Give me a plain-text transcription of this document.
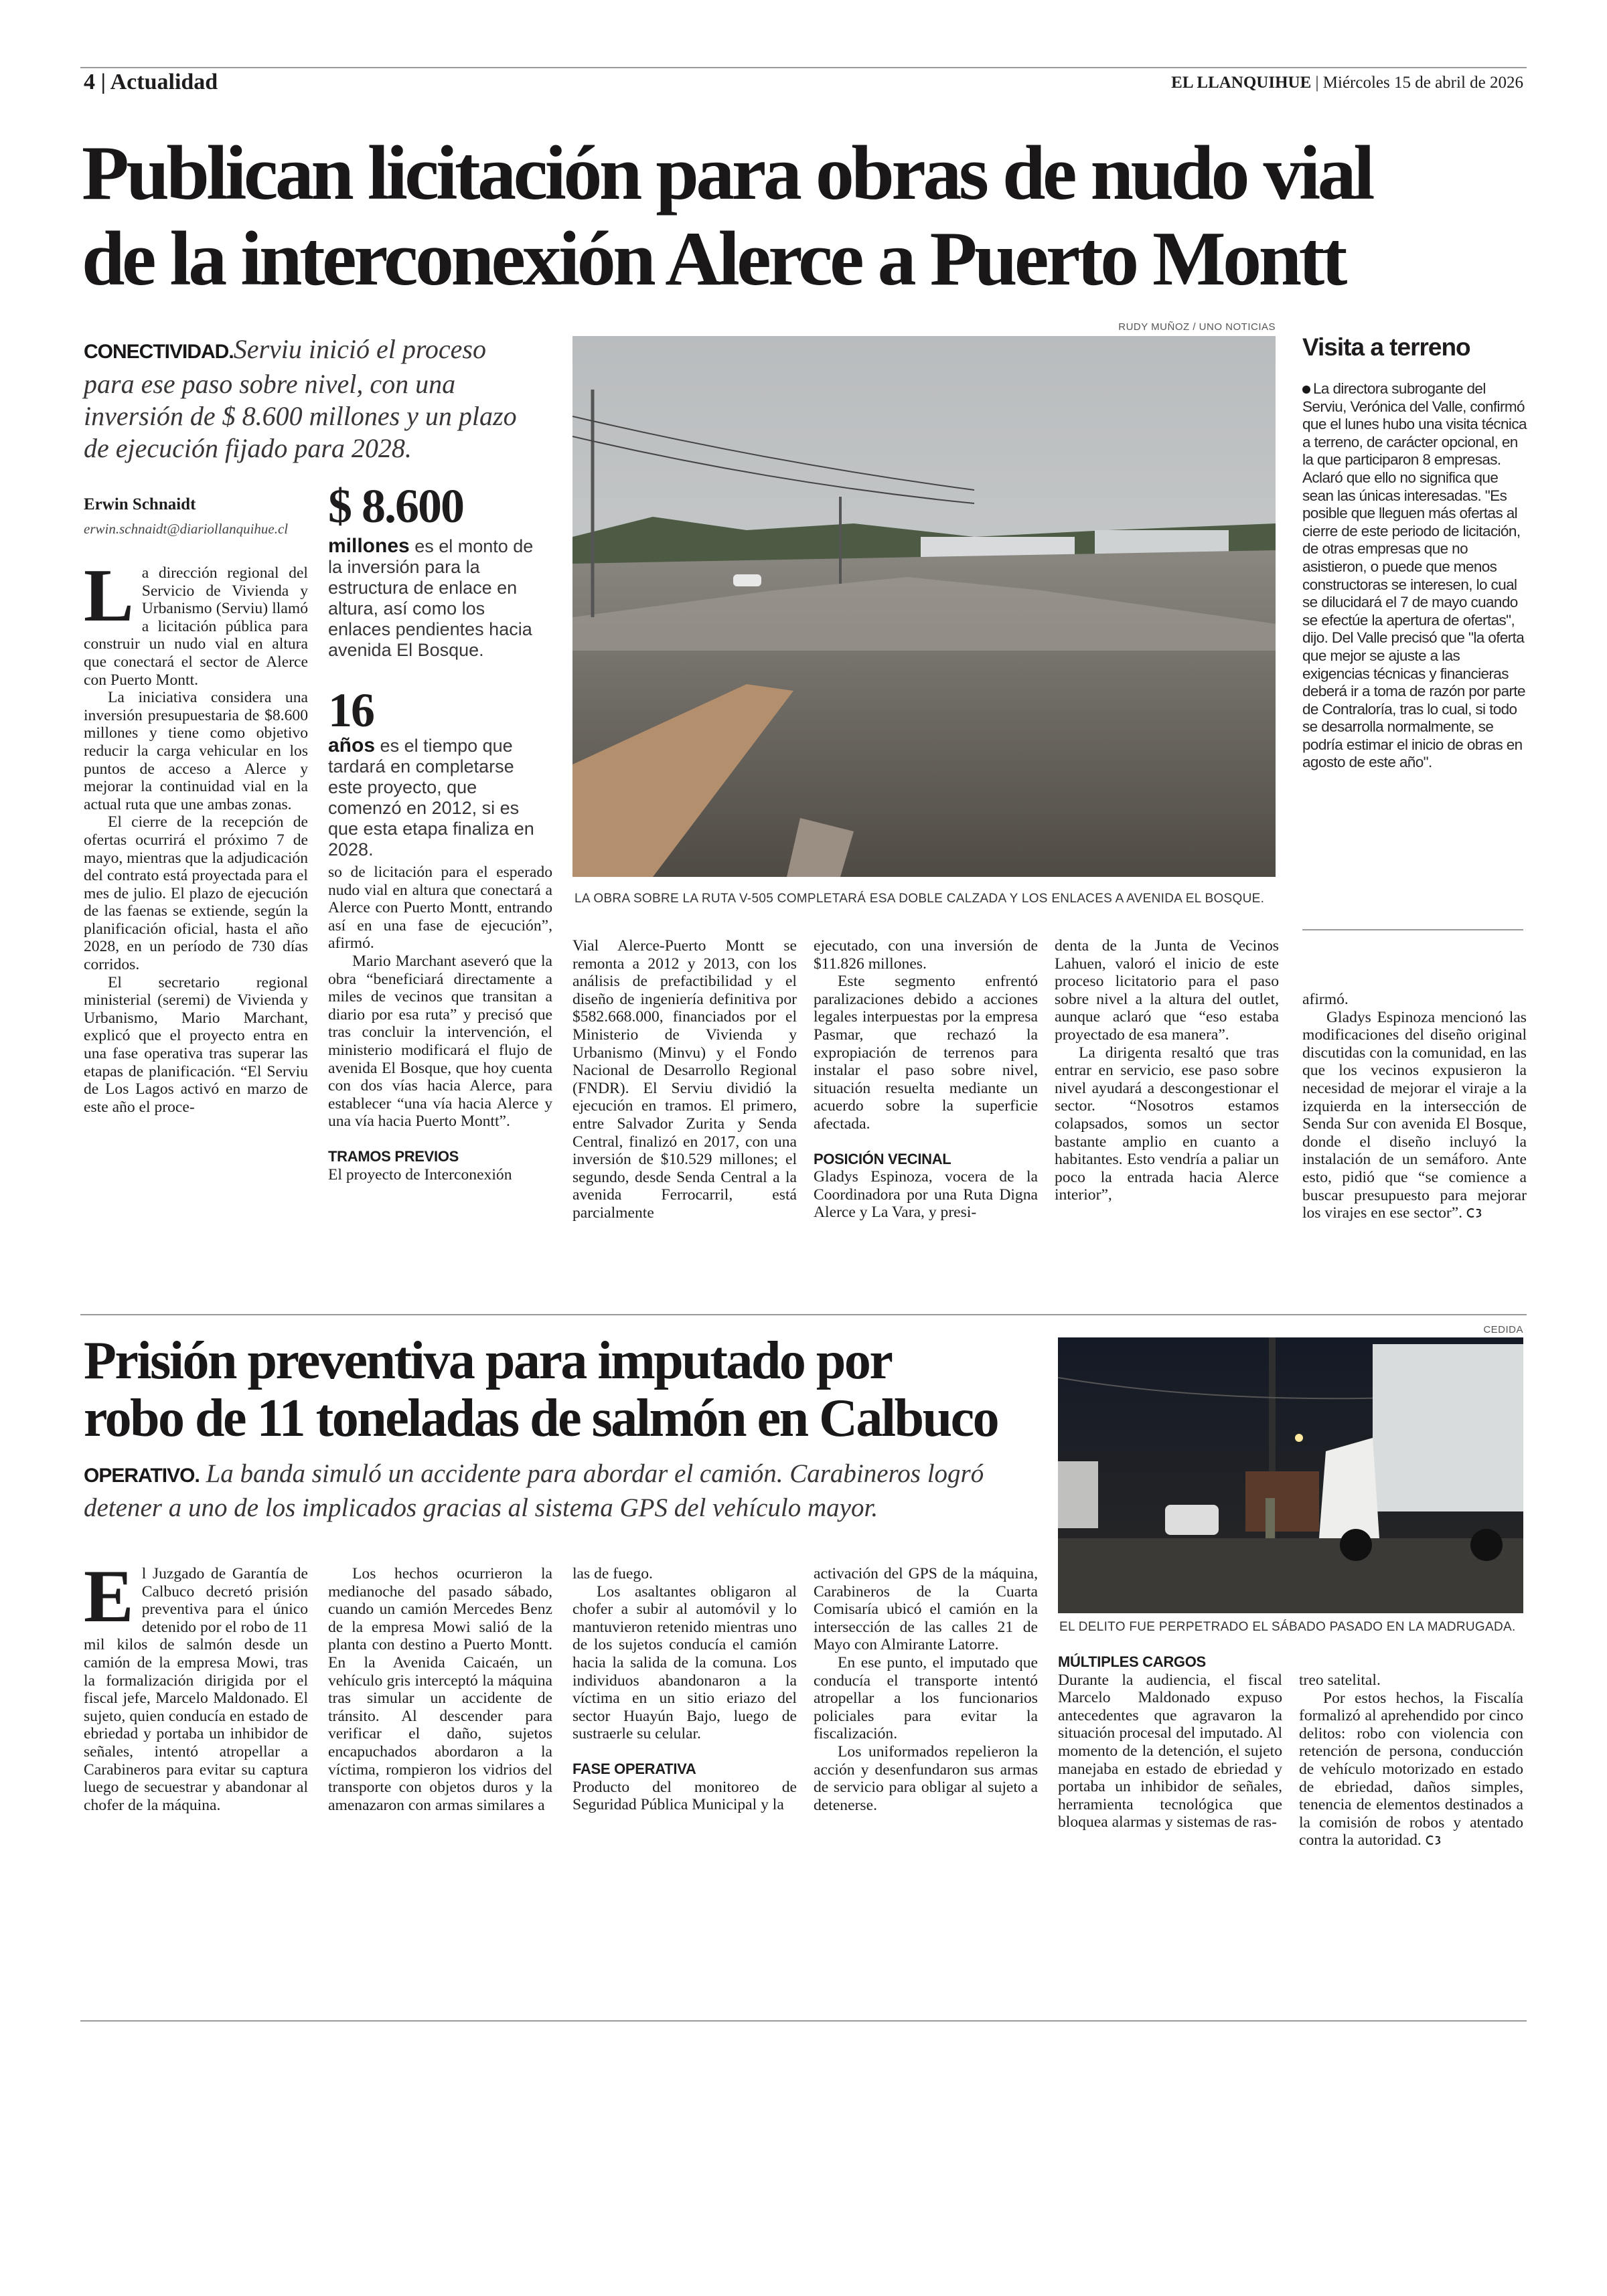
4 | Actualidad	EL LLANQUIHUE | Miércoles 15 de abril de 2026
Publican licitación para obras de nudo vial
de la interconexión Alerce a Puerto Montt
CONECTIVIDAD.Serviu inició el proceso para ese paso sobre nivel, con una inversión de $ 8.600 millones y un plazo de ejecución fijado para 2028.
Erwin Schnaidt
erwin.schnaidt@diariollanquihue.cl

La dirección regional del Servicio de Vivienda y Urbanismo (Serviu) llamó a licitación pública para construir un nudo vial en altura que conectará el sector de Alerce con Puerto Montt.

La iniciativa considera una inversión presupuestaria de $8.600 millones y tiene como objetivo reducir la carga vehicular en los puntos de acceso a Alerce y mejorar la continuidad vial en la actual ruta que une ambas zonas.

El cierre de la recepción de ofertas ocurrirá el próximo 7 de mayo, mientras que la adjudicación del contrato está proyectada para el mes de julio. El plazo de ejecución de las faenas se extiende, según la planificación oficial, hasta el año 2028, en un período de 730 días corridos.

El secretario regional ministerial (seremi) de Vivienda y Urbanismo, Mario Marchant, explicó que el proyecto entra en una fase operativa tras superar las etapas de planificación. “El Serviu de Los Lagos activó en marzo de este año el proce-

$ 8.600
millones es el monto de la inversión para la estructura de enlace en altura, así como los enlaces pendientes hacia avenida El Bosque.
16
años es el tiempo que tardará en completarse este proyecto, que comenzó en 2012, si es que esta etapa finaliza en 2028.

so de licitación para el esperado nudo vial en altura que conectará a Alerce con Puerto Montt, entrando así en una fase de ejecución”, afirmó.

Mario Marchant aseveró que la obra “beneficiará directamente a miles de vecinos que transitan a diario por esa ruta” y precisó que tras concluir la intervención, el ministerio modificará el flujo de avenida El Bosque, que hoy cuenta con dos vías hacia Alerce, para establecer “una vía hacia Alerce y una vía hacia Puerto Montt”.

TRAMOS PREVIOS

El proyecto de Interconexión

RUDY MUÑOZ / UNO NOTICIAS
LA OBRA SOBRE LA RUTA V-505 COMPLETARÁ ESA DOBLE CALZADA Y LOS ENLACES A AVENIDA EL BOSQUE.
Visita a terreno
La directora subrogante del Serviu, Verónica del Valle, confirmó que el lunes hubo una visita técnica a terreno, de carácter opcional, en la que participaron 8 empresas. Aclaró que ello no significa que sean las únicas interesadas. "Es posible que lleguen más ofertas al cierre de este periodo de licitación, de otras empresas que no asistieron, o puede que menos constructoras se interesen, lo cual se dilucidará el 7 de mayo cuando se efectúe la apertura de ofertas", dijo. Del Valle precisó que "la oferta que mejor se ajuste a las exigencias técnicas y financieras deberá ir a toma de razón por parte de Contraloría, tras lo cual, si todo se desarrolla normalmente, se podría estimar el inicio de obras en agosto de este año".

Vial Alerce-Puerto Montt se remonta a 2012 y 2013, con los análisis de prefactibilidad y el diseño de ingeniería definitiva por $582.668.000, financiados por el Ministerio de Vivienda y Urbanismo (Minvu) y el Fondo Nacional de Desarrollo Regional (FNDR). El Serviu dividió la ejecución en tramos. El primero, entre Salvador Zurita y Senda Central, finalizó en 2017, con una inversión de $10.529 millones; el segundo, desde Senda Central a la avenida Ferrocarril, está parcialmente

ejecutado, con una inversión de $11.826 millones.

Este segmento enfrentó paralizaciones debido a acciones legales interpuestas por la empresa Pasmar, que rechazó la expropiación de terrenos para instalar el paso sobre nivel, situación resuelta mediante un acuerdo sobre la superficie afectada.

POSICIÓN VECINAL

Gladys Espinoza, vocera de la Coordinadora por una Ruta Digna Alerce y La Vara, y presi-

denta de la Junta de Vecinos Lahuen, valoró el inicio de este proceso licitatorio para el paso sobre nivel a la altura del outlet, aunque aclaró que “eso estaba proyectado de esa manera”.

La dirigenta resaltó que tras entrar en servicio, ese paso sobre nivel ayudará a descongestionar el sector. “Nosotros estamos colapsados, somos un sector bastante amplio en cuanto a habitantes. Esto vendría a paliar un poco la entrada hacia Alerce interior”,

afirmó.

Gladys Espinoza mencionó las modificaciones del diseño original discutidas con la comunidad, en las que los vecinos expusieron la necesidad de mejorar el viraje a la izquierda en la intersección de Senda Sur con avenida El Bosque, donde el diseño incluyó la instalación de un semáforo. Ante esto, pidió que “se comience a buscar presupuesto para mejorar los virajes en ese sector”.

Prisión preventiva para imputado por
robo de 11 toneladas de salmón en Calbuco
OPERATIVO. La banda simuló un accidente para abordar el camión. Carabineros logró detener a uno de los implicados gracias al sistema GPS del vehículo mayor.
CEDIDA
EL DELITO FUE PERPETRADO EL SÁBADO PASADO EN LA MADRUGADA.

El Juzgado de Garantía de Calbuco decretó prisión preventiva para el único detenido por el robo de 11 mil kilos de salmón desde un camión de la empresa Mowi, tras la formalización dirigida por el fiscal jefe, Marcelo Maldonado. El sujeto, quien conducía en estado de ebriedad y portaba un inhibidor de señales, intentó atropellar a Carabineros para evitar su captura luego de secuestrar y abandonar al chofer de la máquina.

Los hechos ocurrieron la medianoche del pasado sábado, cuando un camión Mercedes Benz de la empresa Mowi salió de la planta con destino a Puerto Montt. En la Avenida Caicaén, un vehículo gris interceptó la máquina tras simular un accidente de tránsito. Al descender para verificar el daño, sujetos encapuchados abordaron a la víctima, rompieron los vidrios del transporte con objetos duros y la amenazaron con armas similares a

las de fuego.

Los asaltantes obligaron al chofer a subir al automóvil y lo mantuvieron retenido mientras uno de los sujetos conducía el camión hacia la salida de la comuna. Los individuos abandonaron a la víctima en un sitio eriazo del sector Huayún Bajo, luego de sustraerle su celular.

FASE OPERATIVA

Producto del monitoreo de Seguridad Pública Municipal y la

activación del GPS de la máquina, Carabineros de la Cuarta Comisaría ubicó el camión en la intersección de las calles 21 de Mayo con Almirante Latorre.

En ese punto, el imputado que conducía el transporte intentó atropellar a los funcionarios policiales para evitar la fiscalización.

Los uniformados repelieron la acción y desenfundaron sus armas de servicio para obligar al sujeto a detenerse.

MÚLTIPLES CARGOS

Durante la audiencia, el fiscal Marcelo Maldonado expuso antecedentes que agravaron la situación procesal del imputado. Al momento de la detención, el sujeto manejaba en estado de ebriedad y portaba un inhibidor de señales, herramienta tecnológica que bloquea alarmas y sistemas de ras-

treo satelital.

Por estos hechos, la Fiscalía formalizó al aprehendido por cinco delitos: robo con violencia con retención de persona, conducción de vehículo motorizado en estado de ebriedad, daños simples, tenencia de elementos destinados a la comisión de robos y atentado contra la autoridad.
